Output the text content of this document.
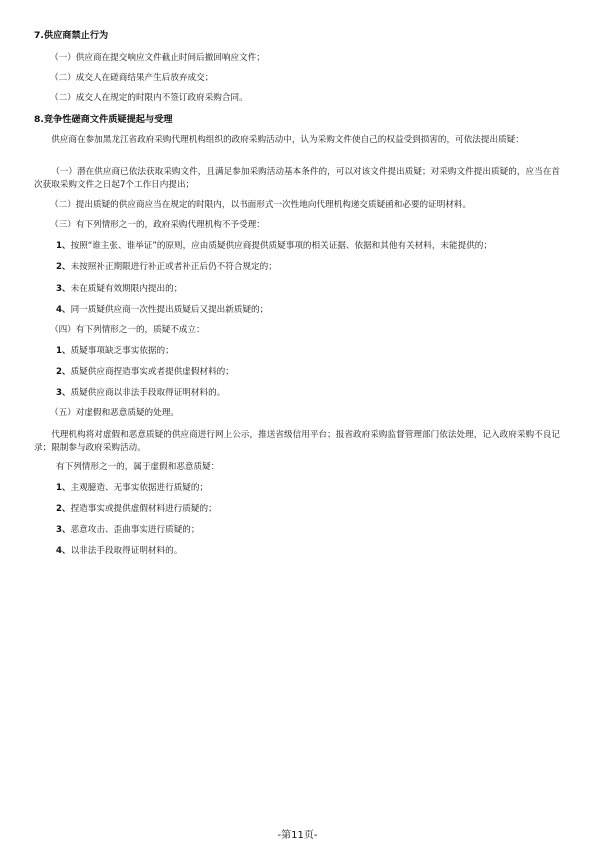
7.供应商禁止行为
（一）供应商在提交响应文件截止时间后撤回响应文件；
（二）成交人在磋商结果产生后放弃成交；
（二）成交人在规定的时限内不签订政府采购合同。
8.竞争性磋商文件质疑提起与受理
供应商在参加黑龙江省政府采购代理机构组织的政府采购活动中，认为采购文件使自己的权益受到损害的，可依法提出质疑：
（一）潜在供应商已依法获取采购文件，且满足参加采购活动基本条件的，可以对该文件提出质疑；对采购文件提出质疑的，应当在首次获取采购文件之日起7个工作日内提出；
（二）提出质疑的供应商应当在规定的时限内，以书面形式一次性地向代理机构递交质疑函和必要的证明材料。
（三）有下列情形之一的，政府采购代理机构不予受理：
1、按照“谁主张、谁举证”的原则，应由质疑供应商提供质疑事项的相关证据、依据和其他有关材料，未能提供的；
2、未按照补正期限进行补正或者补正后仍不符合规定的；
3、未在质疑有效期限内提出的；
4、同一质疑供应商一次性提出质疑后又提出新质疑的；
（四）有下列情形之一的，质疑不成立：
1、质疑事项缺乏事实依据的；
2、质疑供应商捏造事实或者提供虚假材料的；
3、质疑供应商以非法手段取得证明材料的。
（五）对虚假和恶意质疑的处理。
代理机构将对虚假和恶意质疑的供应商进行网上公示，推送省级信用平台；报省政府采购监督管理部门依法处理，记入政府采购不良记录；限制参与政府采购活动。
有下列情形之一的，属于虚假和恶意质疑：
1、主观臆造、无事实依据进行质疑的；
2、捏造事实或提供虚假材料进行质疑的；
3、恶意攻击、歪曲事实进行质疑的；
4、以非法手段取得证明材料的。
-第11页-
